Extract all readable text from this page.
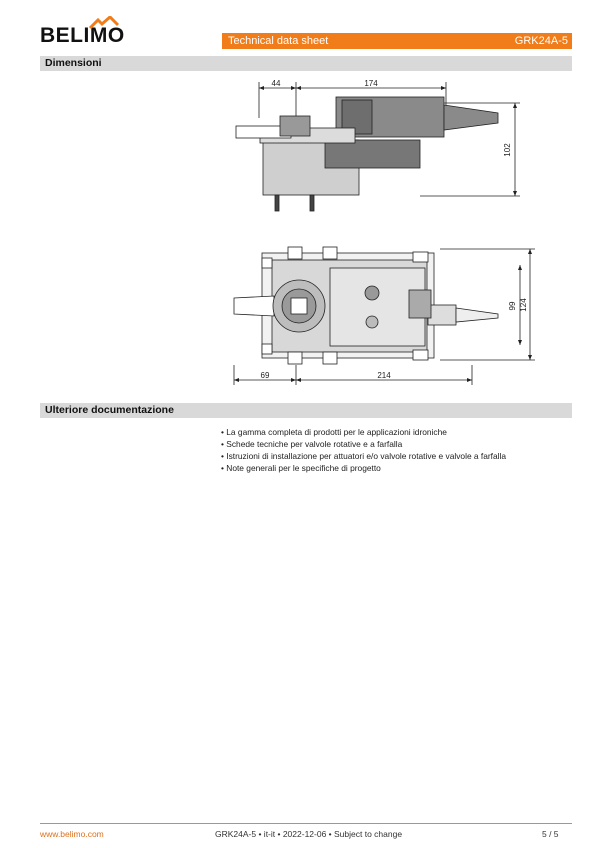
BELIMO	Technical data sheet	GRK24A-5
Dimensioni
44	174
102
69	214
99 124
Ulteriore documentazione
• La gamma completa di prodotti per le applicazioni idroniche
• Schede tecniche per valvole rotative e a farfalla
• Istruzioni di installazione per attuatori e/o valvole rotative e valvole a farfalla
• Note generali per le specifiche di progetto
www.belimo.com	GRK24A-5 • it-it • 2022-12-06 • Subject to change	5 / 5
